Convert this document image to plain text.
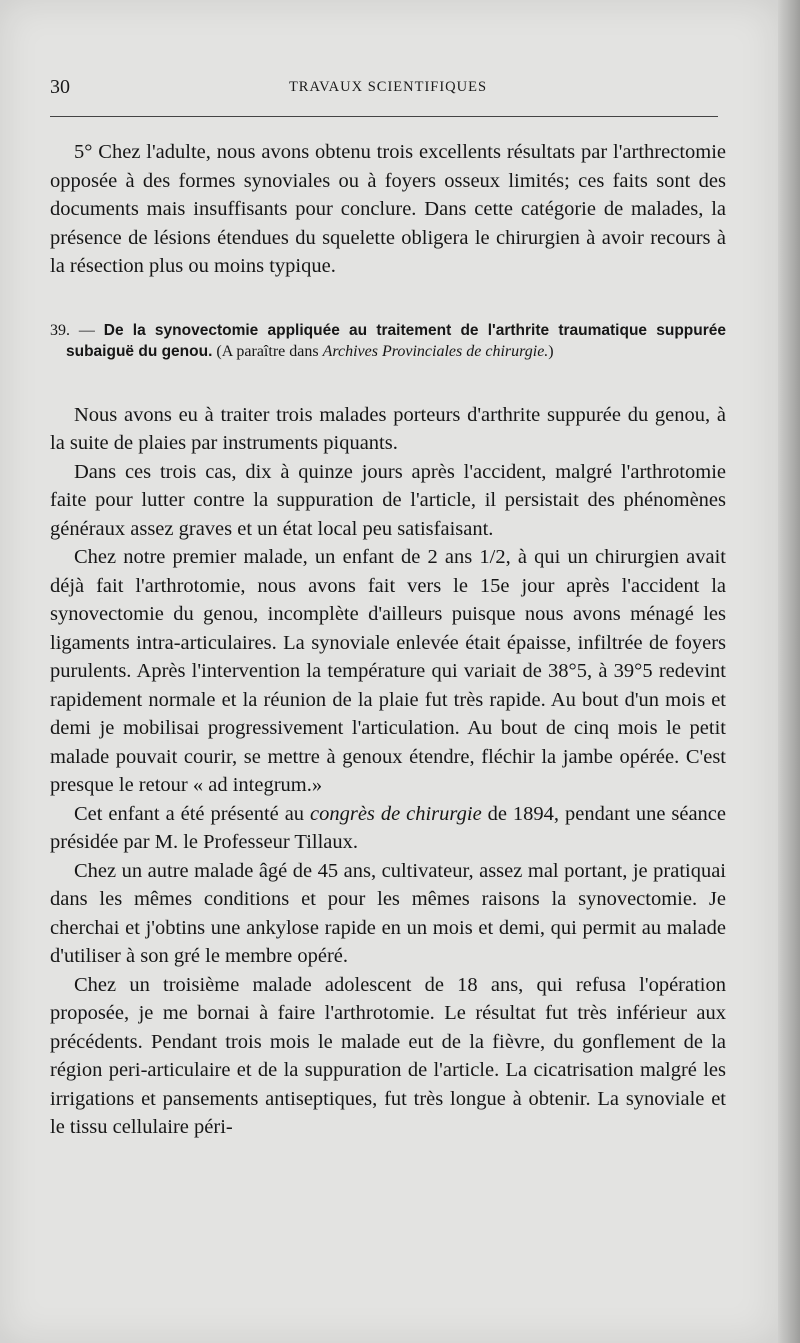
30	TRAVAUX SCIENTIFIQUES

5° Chez l'adulte, nous avons obtenu trois excellents résultats par l'arthrectomie opposée à des formes synoviales ou à foyers osseux limités; ces faits sont des documents mais insuffisants pour conclure. Dans cette catégorie de malades, la présence de lésions étendues du squelette obligera le chirurgien à avoir recours à la résection plus ou moins typique.

39. — De la synovectomie appliquée au traitement de l'arthrite traumatique suppurée subaiguë du genou. (A paraître dans Archives Provinciales de chirurgie.)

Nous avons eu à traiter trois malades porteurs d'arthrite suppurée du genou, à la suite de plaies par instruments piquants.

Dans ces trois cas, dix à quinze jours après l'accident, malgré l'arthrotomie faite pour lutter contre la suppuration de l'article, il persistait des phénomènes généraux assez graves et un état local peu satisfaisant.

Chez notre premier malade, un enfant de 2 ans 1/2, à qui un chirurgien avait déjà fait l'arthrotomie, nous avons fait vers le 15e jour après l'accident la synovectomie du genou, incomplète d'ailleurs puisque nous avons ménagé les ligaments intra-articulaires. La synoviale enlevée était épaisse, infiltrée de foyers purulents. Après l'intervention la température qui variait de 38°5, à 39°5 redevint rapidement normale et la réunion de la plaie fut très rapide. Au bout d'un mois et demi je mobilisai progressivement l'articulation. Au bout de cinq mois le petit malade pouvait courir, se mettre à genoux étendre, fléchir la jambe opérée. C'est presque le retour « ad integrum.»

Cet enfant a été présenté au congrès de chirurgie de 1894, pendant une séance présidée par M. le Professeur Tillaux.

Chez un autre malade âgé de 45 ans, cultivateur, assez mal portant, je pratiquai dans les mêmes conditions et pour les mêmes raisons la synovectomie. Je cherchai et j'obtins une ankylose rapide en un mois et demi, qui permit au malade d'utiliser à son gré le membre opéré.

Chez un troisième malade adolescent de 18 ans, qui refusa l'opération proposée, je me bornai à faire l'arthrotomie. Le résultat fut très inférieur aux précédents. Pendant trois mois le malade eut de la fièvre, du gonflement de la région peri-articulaire et de la suppuration de l'article. La cicatrisation malgré les irrigations et pansements antiseptiques, fut très longue à obtenir. La synoviale et le tissu cellulaire péri-
